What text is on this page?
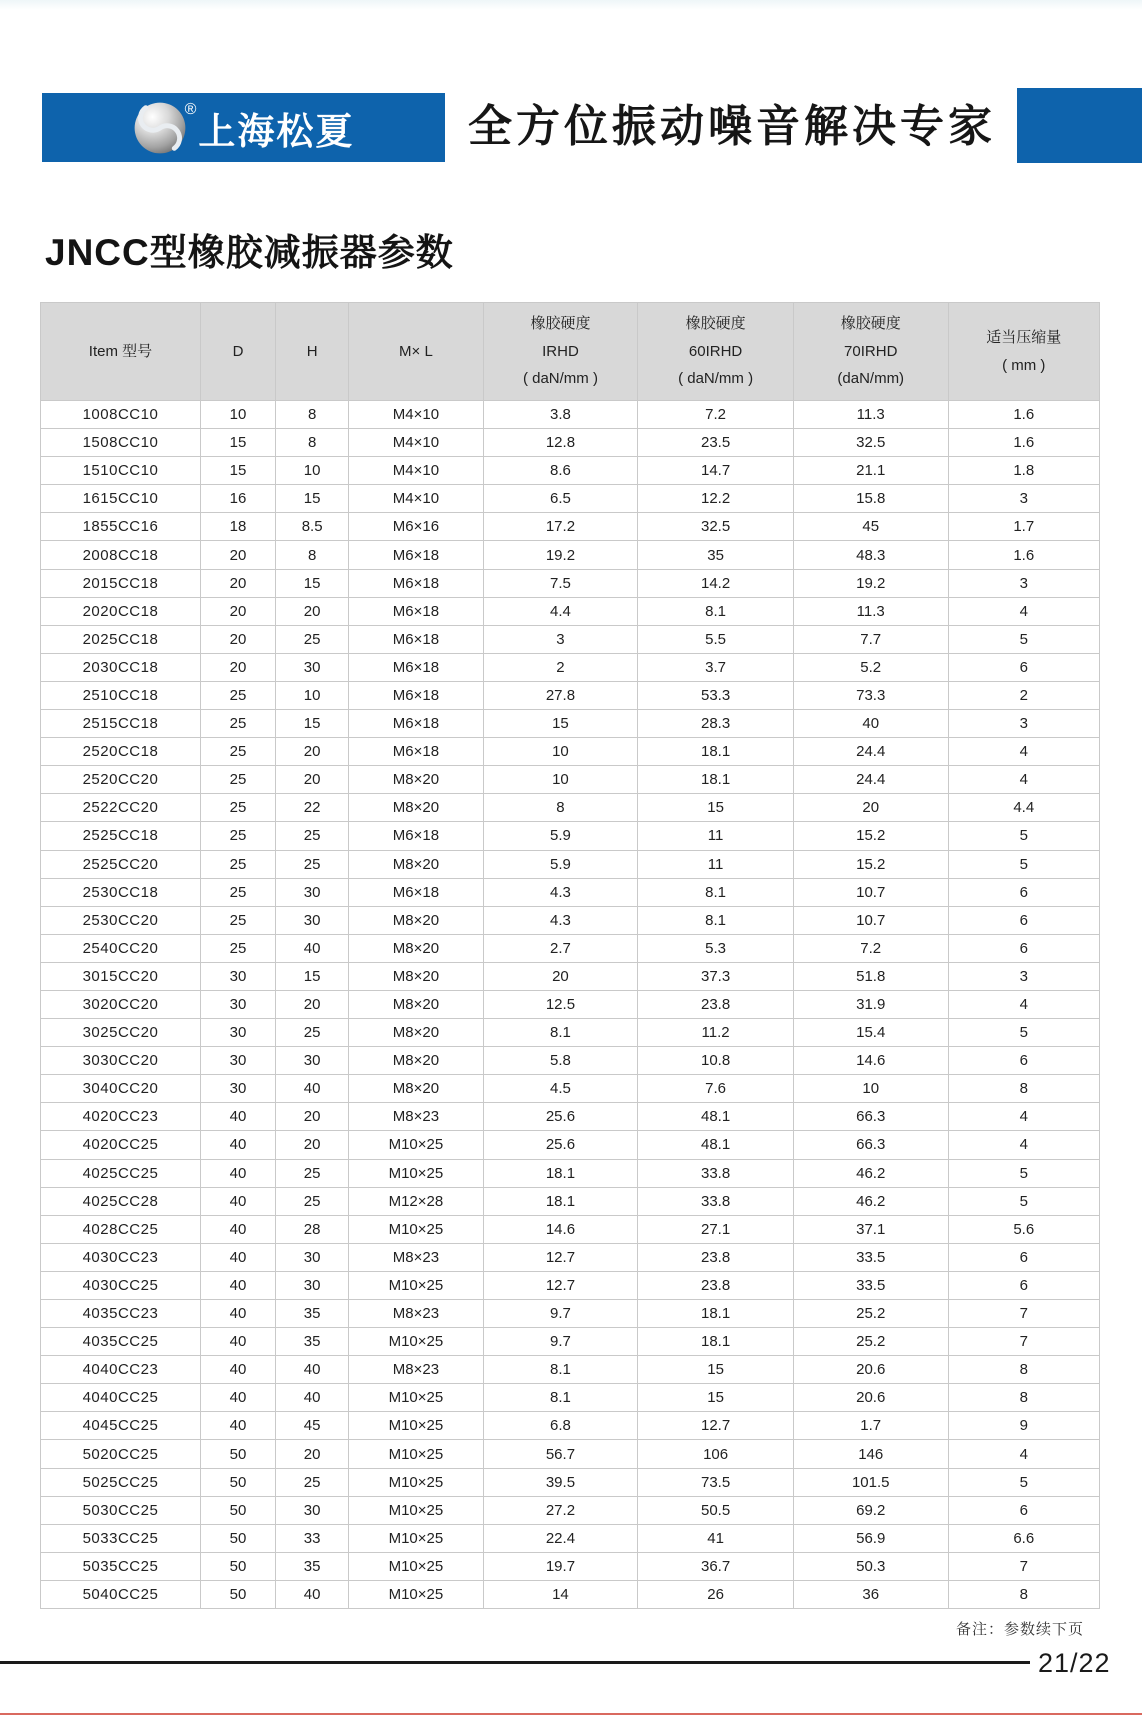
®
上海松夏	全方位振动噪音解决专家
JNCC型橡胶减振器参数
Item 型号	D	H	M× L

橡胶硬度
IRHD
( daN/mm )

橡胶硬度
60IRHD
( daN/mm )

橡胶硬度
70IRHD
(daN/mm)

适当压缩量
( mm )

1008CC10	10	8	M4×10	3.8	7.2	11.3	1.6
1508CC10	15	8	M4×10	12.8	23.5	32.5	1.6
1510CC10	15	10	M4×10	8.6	14.7	21.1	1.8
1615CC10	16	15	M4×10	6.5	12.2	15.8	3
1855CC16	18	8.5	M6×16	17.2	32.5	45	1.7
2008CC18	20	8	M6×18	19.2	35	48.3	1.6
2015CC18	20	15	M6×18	7.5	14.2	19.2	3
2020CC18	20	20	M6×18	4.4	8.1	11.3	4
2025CC18	20	25	M6×18	3	5.5	7.7	5
2030CC18	20	30	M6×18	2	3.7	5.2	6
2510CC18	25	10	M6×18	27.8	53.3	73.3	2
2515CC18	25	15	M6×18	15	28.3	40	3
2520CC18	25	20	M6×18	10	18.1	24.4	4
2520CC20	25	20	M8×20	10	18.1	24.4	4
2522CC20	25	22	M8×20	8	15	20	4.4
2525CC18	25	25	M6×18	5.9	11	15.2	5
2525CC20	25	25	M8×20	5.9	11	15.2	5
2530CC18	25	30	M6×18	4.3	8.1	10.7	6
2530CC20	25	30	M8×20	4.3	8.1	10.7	6
2540CC20	25	40	M8×20	2.7	5.3	7.2	6
3015CC20	30	15	M8×20	20	37.3	51.8	3
3020CC20	30	20	M8×20	12.5	23.8	31.9	4
3025CC20	30	25	M8×20	8.1	11.2	15.4	5
3030CC20	30	30	M8×20	5.8	10.8	14.6	6
3040CC20	30	40	M8×20	4.5	7.6	10	8
4020CC23	40	20	M8×23	25.6	48.1	66.3	4
4020CC25	40	20	M10×25	25.6	48.1	66.3	4
4025CC25	40	25	M10×25	18.1	33.8	46.2	5
4025CC28	40	25	M12×28	18.1	33.8	46.2	5
4028CC25	40	28	M10×25	14.6	27.1	37.1	5.6
4030CC23	40	30	M8×23	12.7	23.8	33.5	6
4030CC25	40	30	M10×25	12.7	23.8	33.5	6
4035CC23	40	35	M8×23	9.7	18.1	25.2	7
4035CC25	40	35	M10×25	9.7	18.1	25.2	7
4040CC23	40	40	M8×23	8.1	15	20.6	8
4040CC25	40	40	M10×25	8.1	15	20.6	8
4045CC25	40	45	M10×25	6.8	12.7	1.7	9
5020CC25	50	20	M10×25	56.7	106	146	4
5025CC25	50	25	M10×25	39.5	73.5	101.5	5
5030CC25	50	30	M10×25	27.2	50.5	69.2	6
5033CC25	50	33	M10×25	22.4	41	56.9	6.6
5035CC25	50	35	M10×25	19.7	36.7	50.3	7
5040CC25	50	40	M10×25	14	26	36	8
备注：参数续下页
21/22
